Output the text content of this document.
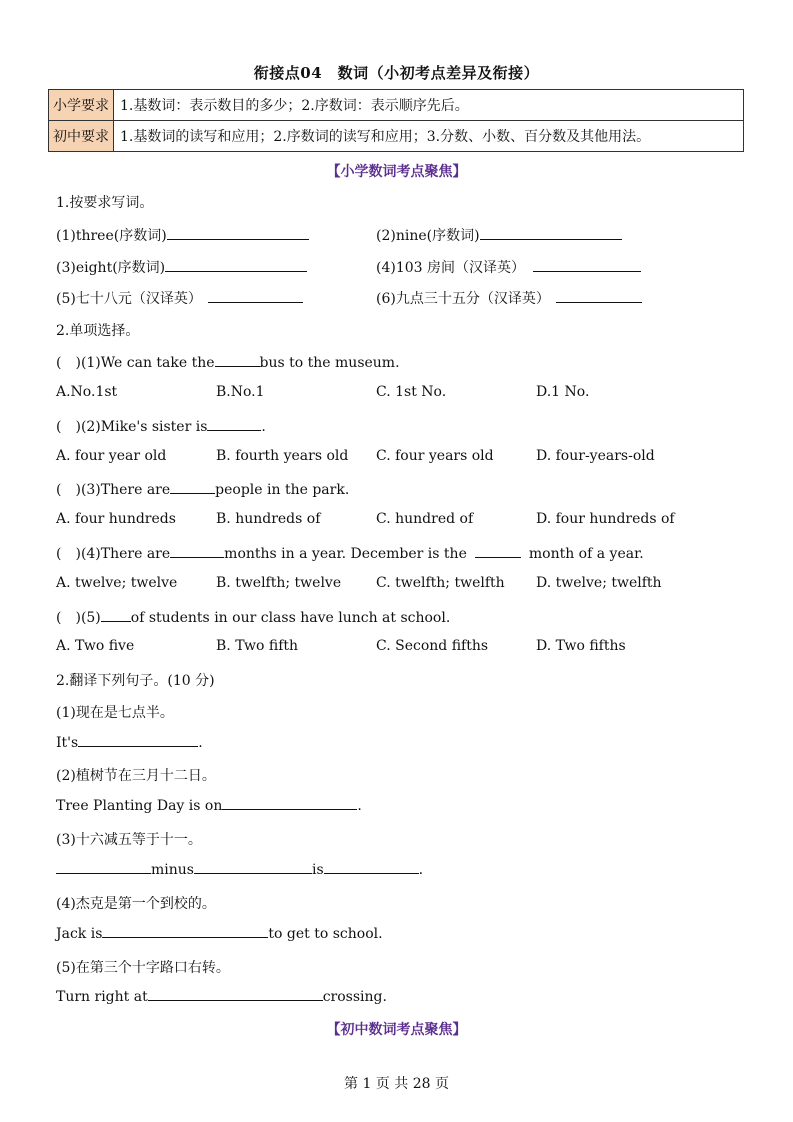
衔接点04　数词（小初考点差异及衔接）
小学要求	1.基数词：表示数目的多少；2.序数词：表示顺序先后。
初中要求	1.基数词的读写和应用；2.序数词的读写和应用；3.分数、小数、百分数及其他用法。
【小学数词考点聚焦】
1.按要求写词。
(1)three(序数词)	(2)nine(序数词)
(3)eight(序数词)	(4)103 房间（汉译英）
(5)七十八元（汉译英）	(6)九点三十五分（汉译英）
2.单项选择。
(　)(1)We can take the	bus to the museum.
A.No.1st	B.No.1	C. 1st No.	D.1 No.
(　)(2)Mike's sister is	.
A. four year old	B. fourth years old C. four years old	D. four-years-old
(　)(3)There are	people in the park.
A. four hundreds	B. hundreds of	C. hundred of	D. four hundreds of
(　)(4)There are	months in a year. December is the	month of a year.
A. twelve; twelve	B. twelfth; twelve C. twelfth; twelfth D. twelve; twelfth
(　)(5) of students in our class have lunch at school.
A. Two five	B. Two fifth	C. Second fifths	D. Two fifths
2.翻译下列句子。(10 分)
(1)现在是七点半。
It's	.
(2)植树节在三月十二日。
Tree Planting Day is on	.
(3)十六减五等于十一。
minus	is	.
(4)杰克是第一个到校的。
Jack is	to get to school.
(5)在第三个十字路口右转。
Turn right at	crossing.
【初中数词考点聚焦】
第 1 页 共 28 页
